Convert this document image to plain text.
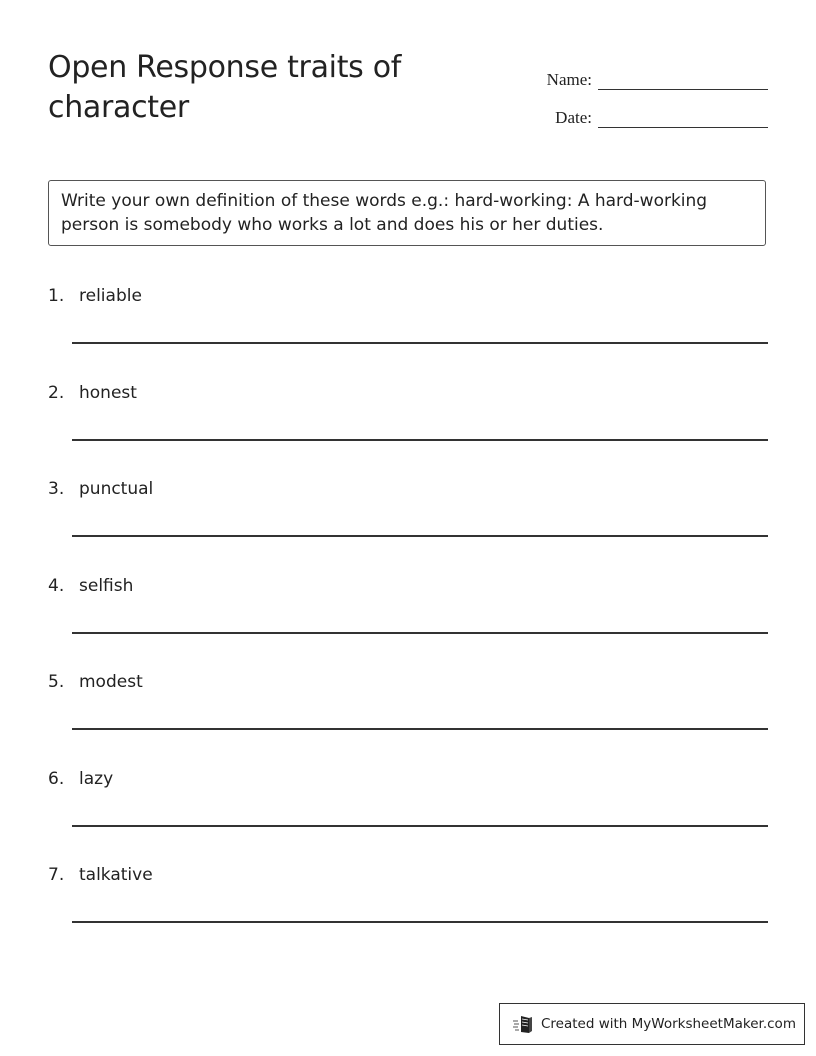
Open Response traits of character
Name:
Date:
Write your own definition of these words e.g.: hard-working: A hard-working person is somebody who works a lot and does his or her duties.
1. reliable
2. honest
3. punctual
4. selfish
5. modest
6. lazy
7. talkative
Created with MyWorksheetMaker.com
